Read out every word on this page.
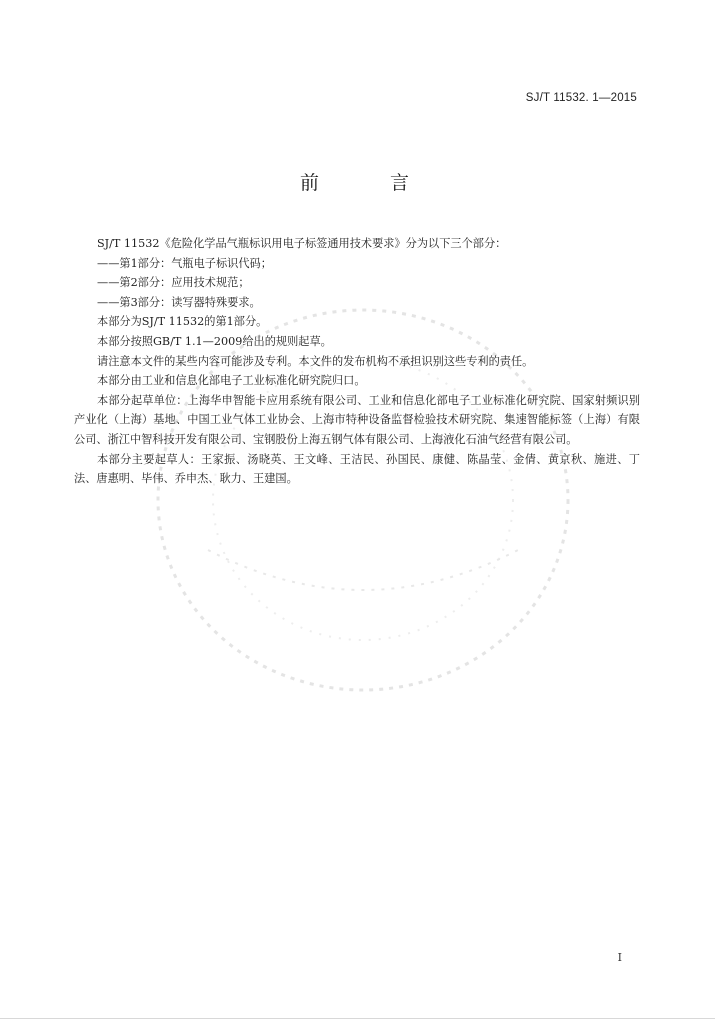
SJ/T 11532. 1—2015
前　言

SJ/T 11532《危险化学品气瓶标识用电子标签通用技术要求》分为以下三个部分：

——第1部分：气瓶电子标识代码；

——第2部分：应用技术规范；

——第3部分：读写器特殊要求。

本部分为SJ/T 11532的第1部分。

本部分按照GB/T 1.1—2009给出的规则起草。

请注意本文件的某些内容可能涉及专利。本文件的发布机构不承担识别这些专利的责任。

本部分由工业和信息化部电子工业标准化研究院归口。

本部分起草单位：上海华申智能卡应用系统有限公司、工业和信息化部电子工业标准化研究院、国家射频识别产业化（上海）基地、中国工业气体工业协会、上海市特种设备监督检验技术研究院、集速智能标签（上海）有限公司、浙江中智科技开发有限公司、宝钢股份上海五钢气体有限公司、上海液化石油气经营有限公司。

本部分主要起草人：王家振、汤晓英、王文峰、王洁民、孙国民、康健、陈晶莹、金倩、黄京秋、施进、丁法、唐惠明、毕伟、乔申杰、耿力、王建国。

I
